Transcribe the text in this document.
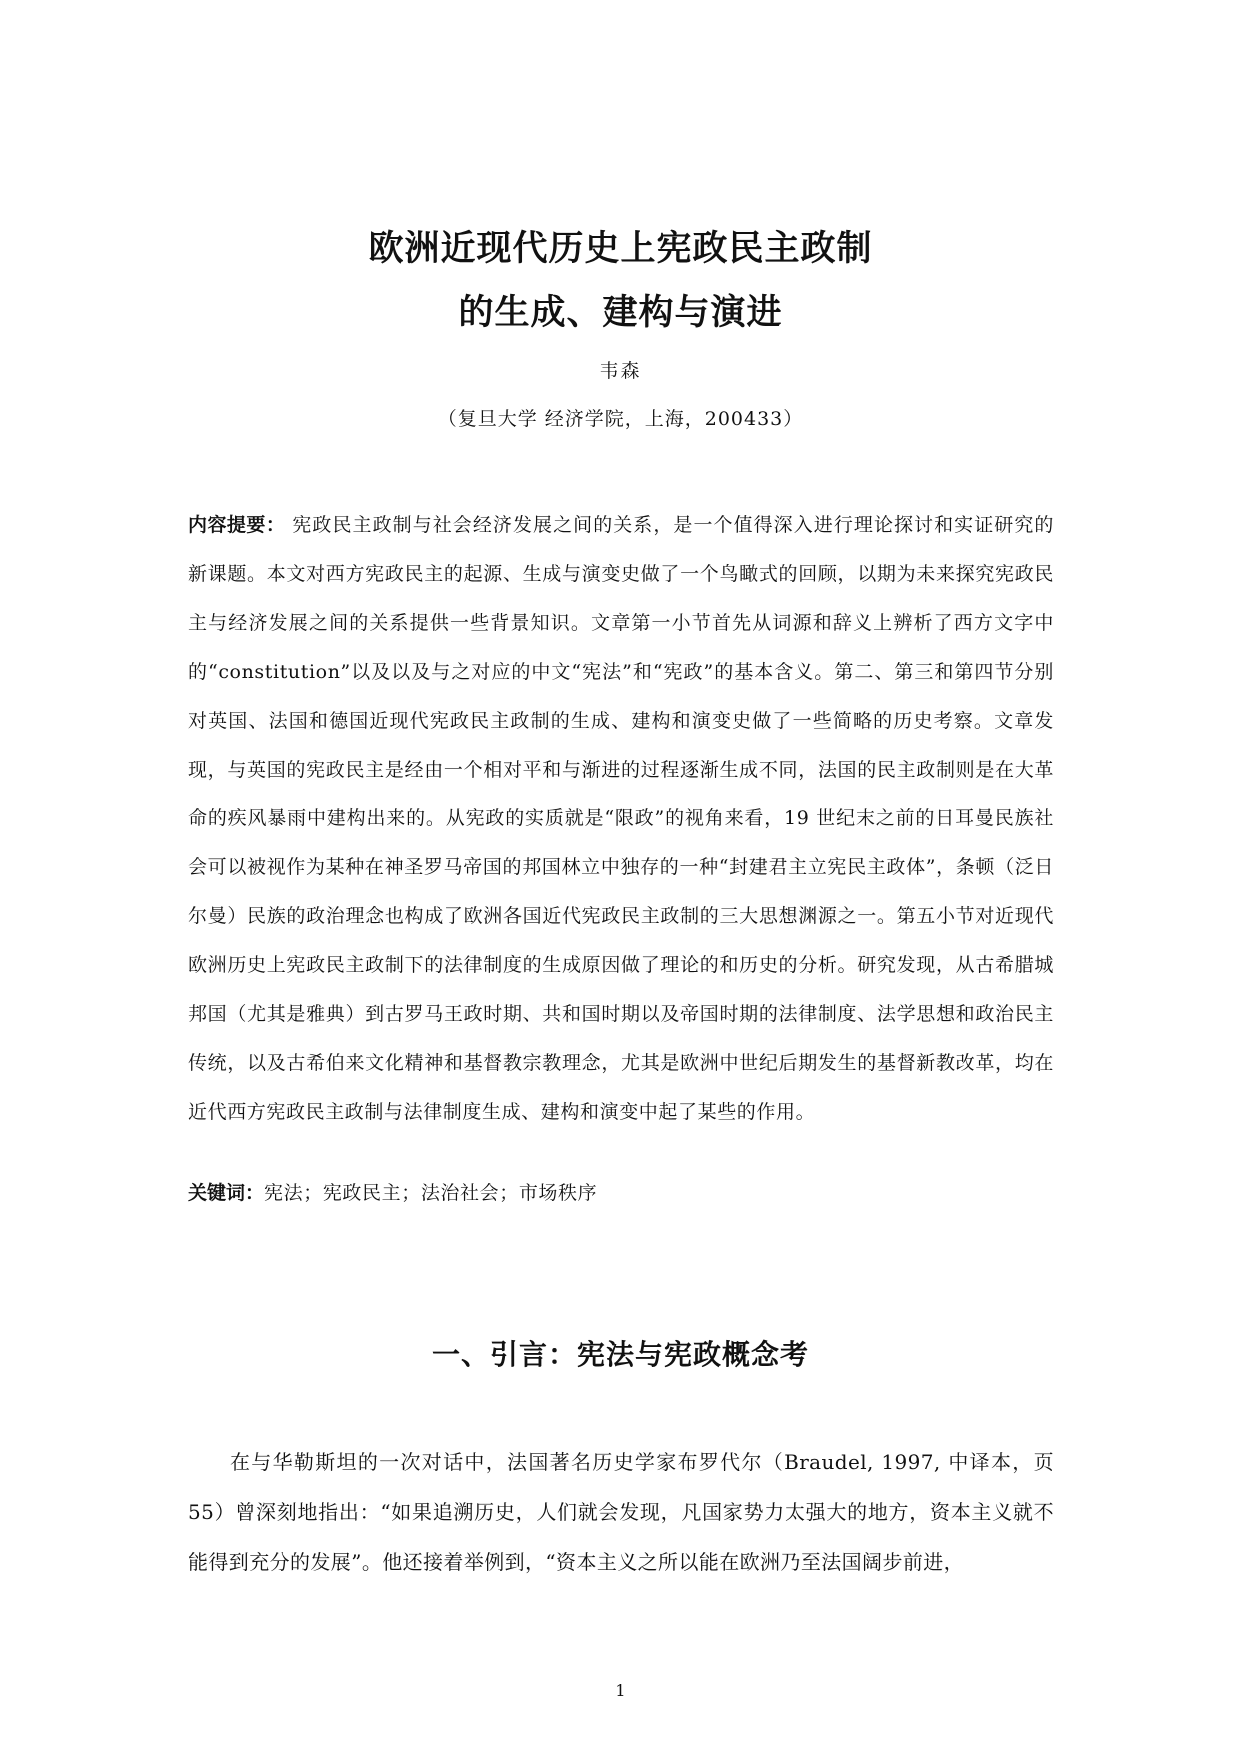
欧洲近现代历史上宪政民主政制
的生成、建构与演进
韦森
（复旦大学 经济学院，上海，200433）
内容提要： 宪政民主政制与社会经济发展之间的关系，是一个值得深入进行理论探讨和实证研究的新课题。本文对西方宪政民主的起源、生成与演变史做了一个鸟瞰式的回顾，以期为未来探究宪政民主与经济发展之间的关系提供一些背景知识。文章第一小节首先从词源和辞义上辨析了西方文字中的“constitution”以及以及与之对应的中文“宪法”和“宪政”的基本含义。第二、第三和第四节分别对英国、法国和德国近现代宪政民主政制的生成、建构和演变史做了一些简略的历史考察。文章发现，与英国的宪政民主是经由一个相对平和与渐进的过程逐渐生成不同，法国的民主政制则是在大革命的疾风暴雨中建构出来的。从宪政的实质就是“限政”的视角来看，19 世纪末之前的日耳曼民族社会可以被视作为某种在神圣罗马帝国的邦国林立中独存的一种“封建君主立宪民主政体”，条顿（泛日尔曼）民族的政治理念也构成了欧洲各国近代宪政民主政制的三大思想渊源之一。第五小节对近现代欧洲历史上宪政民主政制下的法律制度的生成原因做了理论的和历史的分析。研究发现，从古希腊城邦国（尤其是雅典）到古罗马王政时期、共和国时期以及帝国时期的法律制度、法学思想和政治民主传统，以及古希伯来文化精神和基督教宗教理念，尤其是欧洲中世纪后期发生的基督新教改革，均在近代西方宪政民主政制与法律制度生成、建构和演变中起了某些的作用。
关键词：宪法；宪政民主；法治社会；市场秩序
一、引言：宪法与宪政概念考
在与华勒斯坦的一次对话中，法国著名历史学家布罗代尔（Braudel, 1997, 中译本，页 55）曾深刻地指出：“如果追溯历史，人们就会发现，凡国家势力太强大的地方，资本主义就不能得到充分的发展”。他还接着举例到，“资本主义之所以能在欧洲乃至法国阔步前进，
1
